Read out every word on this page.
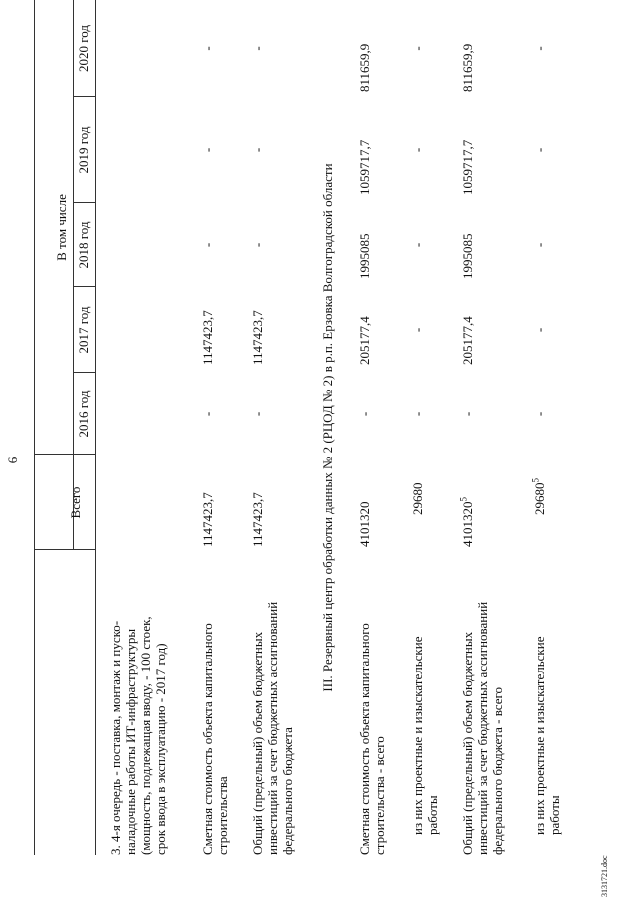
6
Всего
В том числе
2016 год
2017 год
2018 год
2019 год
2020 год
3. 4-я очередь - поставка, монтаж и пуско-
наладочные работы ИТ-инфраструктуры
(мощность, подлежащая вводу, - 100 стоек,
срок ввода в эксплуатацию - 2017 год)
Сметная стоимость объекта капитального
строительства
1147423,7
-
1147423,7
-
-
-
Общий (предельный) объем бюджетных
инвестиций за счет бюджетных ассигнований
федерального бюджета
1147423,7
-
1147423,7
-
-
-
III. Резервный центр обработки данных № 2 (РЦОД № 2) в р.п. Ерзовка Волгоградской области
Сметная стоимость объекта капитального
строительства - всего
4101320
-
205177,4
1995085
1059717,7
811659,9
из них проектные и изыскательские
работы
29680
-
-
-
-
-
Общий (предельный) объем бюджетных
инвестиций за счет бюджетных ассигнований
федерального бюджета - всего
4101320$^5$
-
205177,4
1995085
1059717,7
811659,9
из них проектные и изыскательские
работы
29680$^5$
-
-
-
-
-
3131721.doc
